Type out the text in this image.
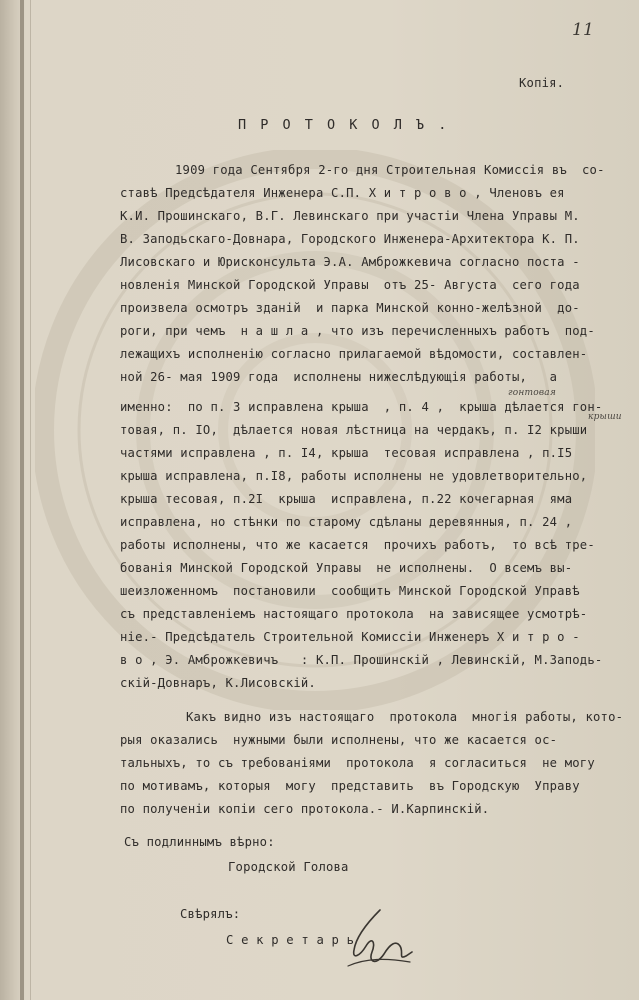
11
Копія.
П Р О Т О К О Л Ъ .
1909 года Сентября 2-го дня Строительная Комиссія въ  со-
ставѣ Предсѣдателя Инженера С.П. Х и т р о в о , Членовъ ея
К.И. Прошинскаго, В.Г. Левинскаго при участіи Члена Управы М.
В. Заподьскаго-Довнара, Городского Инженера-Архитектора К. П.
Лисовскаго и Юрисконсульта Э.А. Амброжкевича согласно поста -
новленія Минской Городской Управы  отъ 25- Августа  сего года
произвела осмотръ зданій  и парка Минской конно-желѣзной  до-
роги, при чемъ  н а ш л а , что изъ перечисленныхъ работъ  под-
лежащихъ исполненію согласно прилагаемой вѣдомости, составлен-
ной 26- мая 1909 года  исполнены нижеслѣдующія работы,   а
именно:  по п. 3 исправлена крыша  , п. 4 ,  крыша дѣлается гон-
товая, п. IO,  дѣлается новая лѣстница на чердакъ, п. I2 крыши
частями исправлена , п. I4, крыша  тесовая исправлена , п.I5
крыша исправлена, п.I8, работы исполнены не удовлетворительно,
крыша тесовая, п.2I  крыша  исправлена, п.22 кочегарная  яма
исправлена, но стѣнки по старому сдѣланы деревянныя, п. 24 ,
работы исполнены, что же касается  прочихъ работъ,  то всѣ тре-
бованія Минской Городской Управы  не исполнены.  О всемъ вы-
шеизложенномъ  постановили  сообщить Минской Городской Управѣ
съ представленіемъ настоящаго протокола  на зависящее усмотрѣ-
ніе.- Предсѣдатель Строительной Комиссіи Инженеръ Х и т р о -
в о , Э. Амброжкевичъ   : К.П. Прошинскій , Левинскій, М.Заподь-
скій-Довнаръ, К.Лисовскій.
гонтовая
крыши
Какъ видно изъ настоящаго  протокола  многія работы, кото-
рыя оказались  нужными были исполнены, что же касается ос-
тальныхъ, то съ требованіями  протокола  я согласиться  не могу
по мотивамъ, которыя  могу  представить  въ Городскую  Управу
по полученіи копіи сего протокола.- И.Карпинскій.
Съ подлиннымъ вѣрно:
Городской Голова
Свѣрялъ:
С е к р е т а р ь
